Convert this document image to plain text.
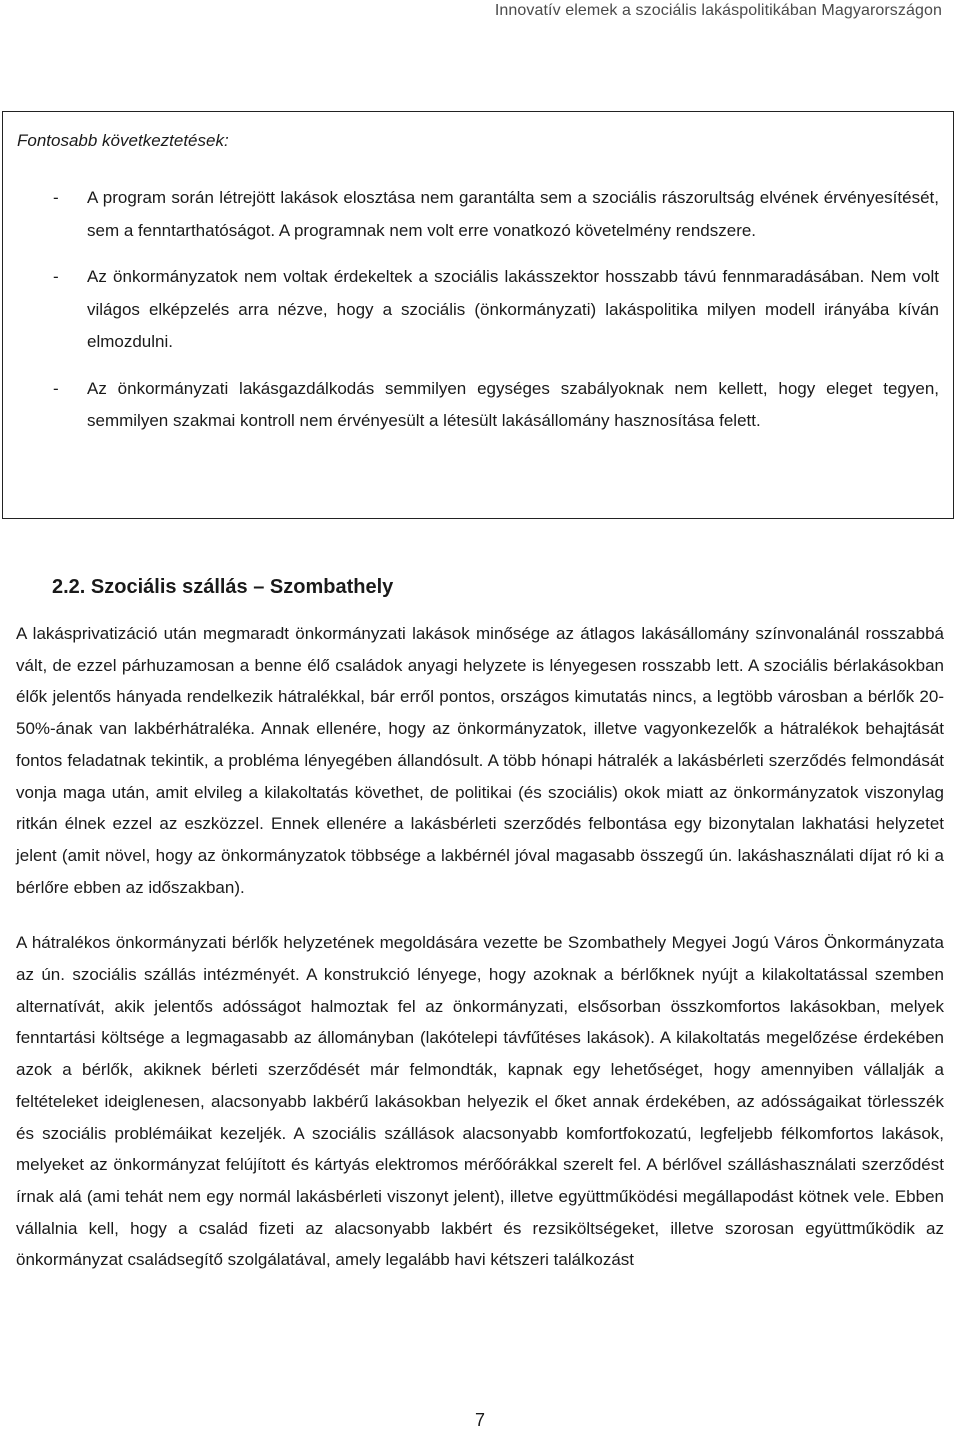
Innovatív elemek a szociális lakáspolitikában Magyarországon
Fontosabb következtetések:
- A program során létrejött lakások elosztása nem garantálta sem a szociális rászorultság elvének érvényesítését, sem a fenntarthatóságot. A programnak nem volt erre vonatkozó követelmény rendszere.
- Az önkormányzatok nem voltak érdekeltek a szociális lakásszektor hosszabb távú fennmaradásában. Nem volt világos elképzelés arra nézve, hogy a szociális (önkormányzati) lakáspolitika milyen modell irányába kíván elmozdulni.
- Az önkormányzati lakásgazdálkodás semmilyen egységes szabályoknak nem kellett, hogy eleget tegyen, semmilyen szakmai kontroll nem érvényesült a létesült lakásállomány hasznosítása felett.
2.2. Szociális szállás – Szombathely

A lakásprivatizáció után megmaradt önkormányzati lakások minősége az átlagos lakásállomány színvonalánál rosszabbá vált, de ezzel párhuzamosan a benne élő családok anyagi helyzete is lényegesen rosszabb lett. A szociális bérlakásokban élők jelentős hányada rendelkezik hátralékkal, bár erről pontos, országos kimutatás nincs, a legtöbb városban a bérlők 20-50%-ának van lakbérhátraléka. Annak ellenére, hogy az önkormányzatok, illetve vagyonkezelők a hátralékok behajtását fontos feladatnak tekintik, a probléma lényegében állandósult. A több hónapi hátralék a lakásbérleti szerződés felmondását vonja maga után, amit elvileg a kilakoltatás követhet, de politikai (és szociális) okok miatt az önkormányzatok viszonylag ritkán élnek ezzel az eszközzel. Ennek ellenére a lakásbérleti szerződés felbontása egy bizonytalan lakhatási helyzetet jelent (amit növel, hogy az önkormányzatok többsége a lakbérnél jóval magasabb összegű ún. lakáshasználati díjat ró ki a bérlőre ebben az időszakban).

A hátralékos önkormányzati bérlők helyzetének megoldására vezette be Szombathely Megyei Jogú Város Önkormányzata az ún. szociális szállás intézményét. A konstrukció lényege, hogy azoknak a bérlőknek nyújt a kilakoltatással szemben alternatívát, akik jelentős adósságot halmoztak fel az önkormányzati, elsősorban összkomfortos lakásokban, melyek fenntartási költsége a legmagasabb az állományban (lakótelepi távfűtéses lakások). A kilakoltatás megelőzése érdekében azok a bérlők, akiknek bérleti szerződését már felmondták, kapnak egy lehetőséget, hogy amennyiben vállalják a feltételeket ideiglenesen, alacsonyabb lakbérű lakásokban helyezik el őket annak érdekében, az adósságaikat törlesszék és szociális problémáikat kezeljék. A szociális szállások alacsonyabb komfortfokozatú, legfeljebb félkomfortos lakások, melyeket az önkormányzat felújított és kártyás elektromos mérőórákkal szerelt fel. A bérlővel szálláshasználati szerződést írnak alá (ami tehát nem egy normál lakásbérleti viszonyt jelent), illetve együttműködési megállapodást kötnek vele. Ebben vállalnia kell, hogy a család fizeti az alacsonyabb lakbért és rezsiköltségeket, illetve szorosan együttműködik az önkormányzat családsegítő szolgálatával, amely legalább havi kétszeri találkozást

7
